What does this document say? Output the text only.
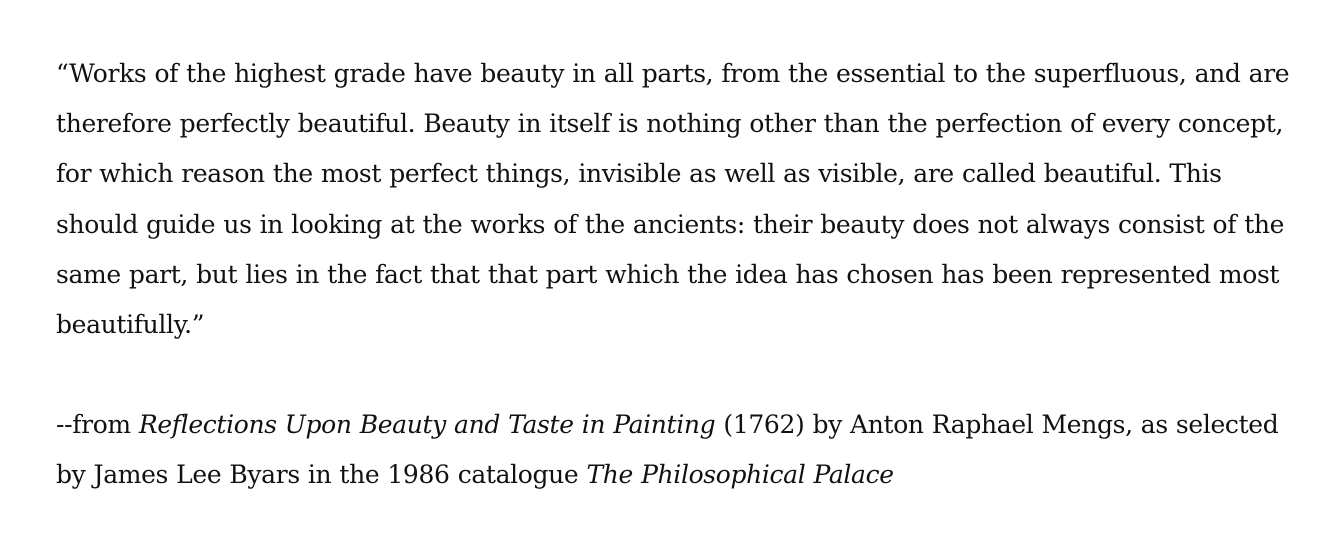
“Works of the highest grade have beauty in all parts, from the essential to the superfluous, and are therefore perfectly beautiful. Beauty in itself is nothing other than the perfection of every concept, for which reason the most perfect things, invisible as well as visible, are called beautiful. This should guide us in looking at the works of the ancients: their beauty does not always consist of the same part, but lies in the fact that that part which the idea has chosen has been represented most beautifully.”

--from Reflections Upon Beauty and Taste in Painting (1762) by Anton Raphael Mengs, as selected by James Lee Byars in the 1986 catalogue The Philosophical Palace
